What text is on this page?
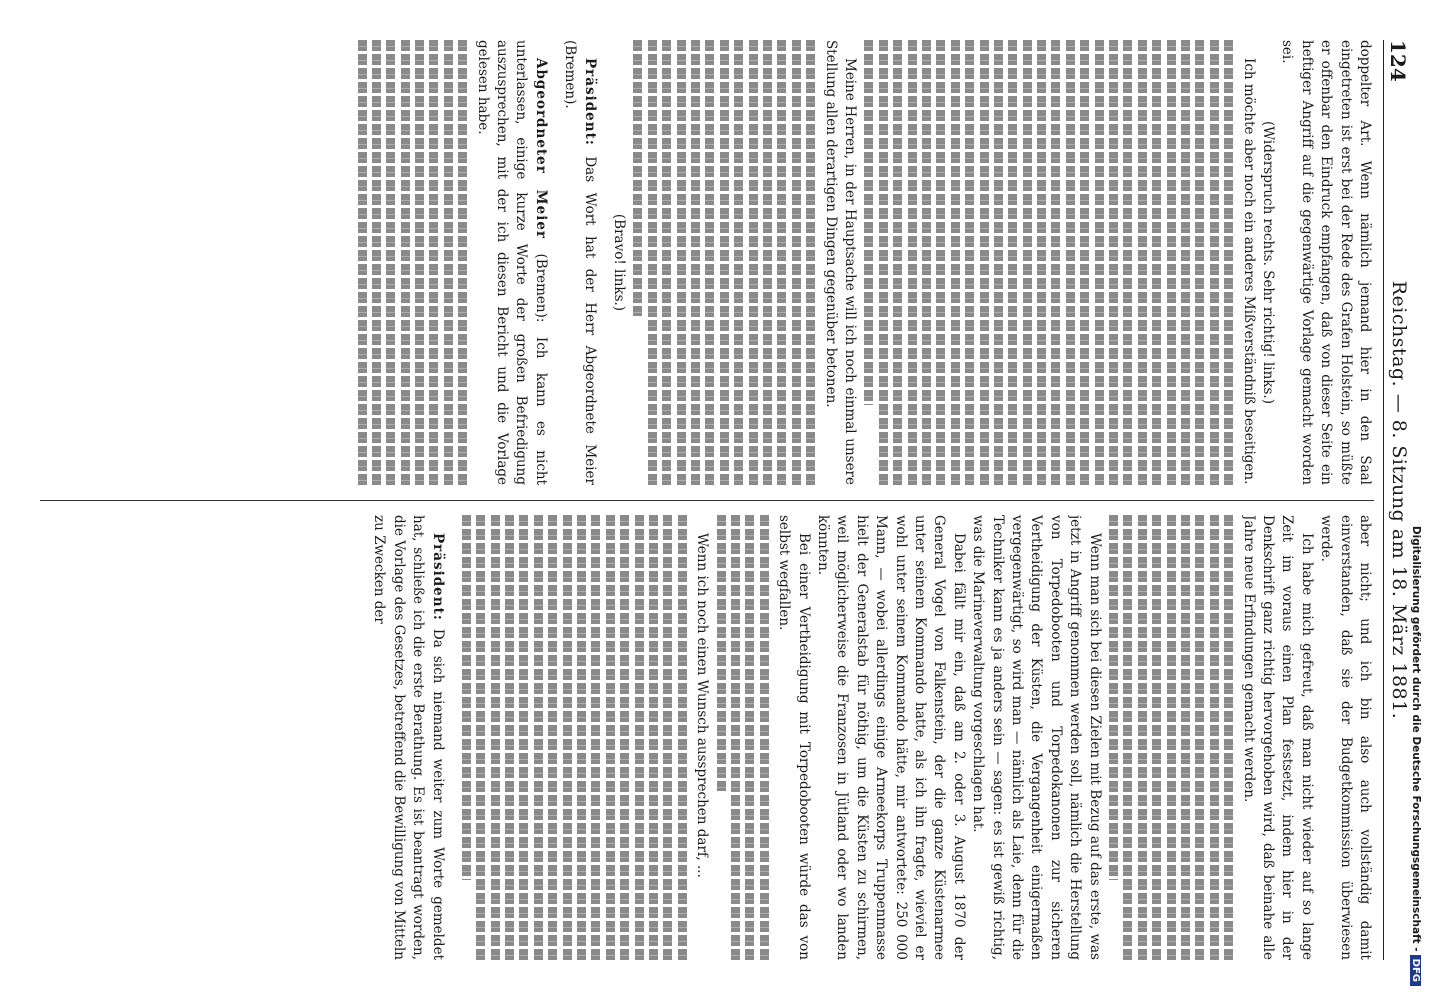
124
Reichstag. — 8. Sitzung am 18. März 1881.

doppelter Art. Wenn nämlich jemand hier in den Saal eingetreten ist erst bei der Rede des Grafen Holstein, so müßte er offenbar den Eindruck empfangen, daß von dieser Seite ein heftiger Angriff auf die gegenwärtige Vorlage gemacht worden sei.

(Widerspruch rechts. Sehr richtig! links.)

Ich möchte aber noch ein anderes Mißverständniß beseitigen.

Meine Herren, in der Hauptsache will ich noch einmal unsere Stellung allen derartigen Dingen gegenüber betonen.

(Bravo! links.)

Präsident: Das Wort hat der Herr Abgeordnete Meier (Bremen).

Abgeordneter Meier (Bremen): Ich kann es nicht unterlassen, einige kurze Worte der großen Befriedigung auszusprechen, mit der ich diesen Bericht und die Vorlage gelesen habe.

aber nicht; und ich bin also auch vollständig damit einverstanden, daß sie der Budgetkommission überwiesen werde.

Ich habe mich gefreut, daß man nicht wieder auf so lange Zeit im voraus einen Plan festsetzt, indem hier in der Denkschrift ganz richtig hervorgehoben wird, daß beinahe alle Jahre neue Erfindungen gemacht werden.

Wenn man sich bei diesen Zielen mit Bezug auf das erste, was jetzt in Angriff genommen werden soll, nämlich die Herstellung von Torpedobooten und Torpedokanonen zur sicheren Vertheidigung der Küsten, die Vergangenheit einigermaßen vergegenwärtigt, so wird man — nämlich als Laie, denn für die Techniker kann es ja anders sein — sagen: es ist gewiß richtig, was die Marineverwaltung vorgeschlagen hat.

Dabei fällt mir ein, daß am 2. oder 3. August 1870 der General Vogel von Falkenstein, der die ganze Küstenarmee unter seinem Kommando hatte, als ich ihn fragte, wieviel er wohl unter seinem Kommando hätte, mir antwortete: 250 000 Mann, — wobei allerdings einige Armeekorps Truppenmasse hielt der Generalstab für nöthig, um die Küsten zu schirmen, weil möglicherweise die Franzosen in Jütland oder wo landen könnten.

Bei einer Vertheidigung mit Torpedobooten würde das von selbst wegfallen.

Wenn ich noch einen Wunsch aussprechen darf, ...

Präsident: Da sich niemand weiter zum Worte gemeldet hat, schließe ich die erste Berathung. Es ist beantragt worden, die Vorlage des Gesetzes, betreffend die Bewilligung von Mitteln zu Zwecken der	Digitalisierung gefördert durch die Deutsche Forschungsgemeinschaft -DFG
